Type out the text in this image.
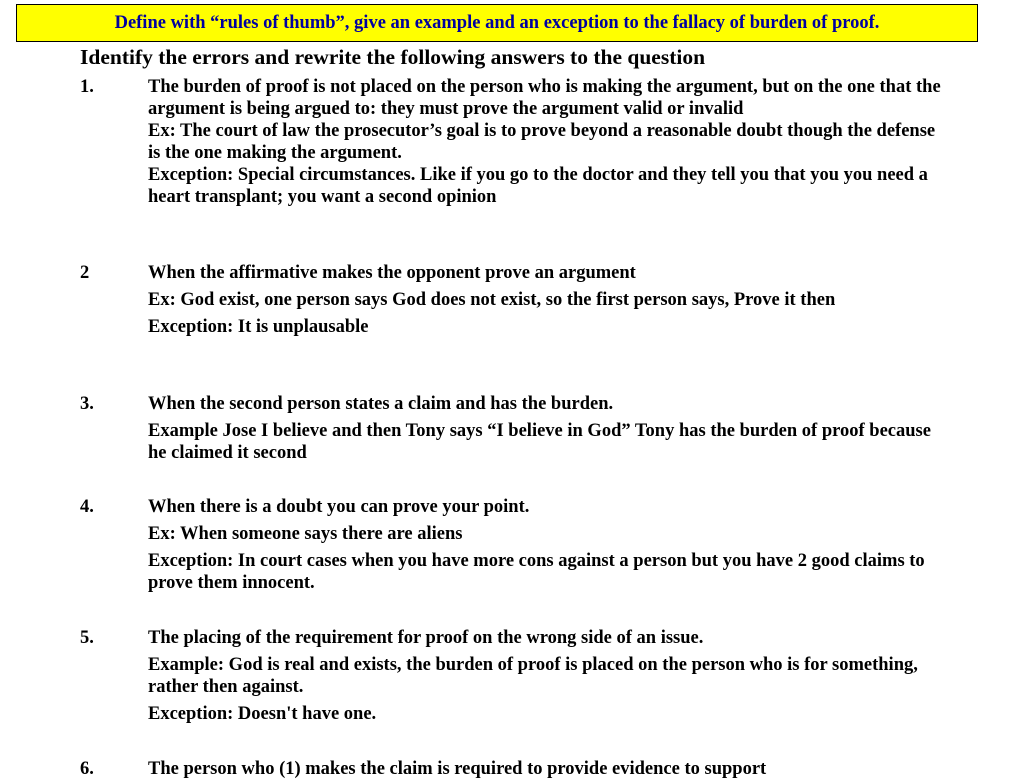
Define with “rules of thumb”, give an example and an exception to the fallacy of burden of proof.
Identify the errors and rewrite the following answers to the question
1.	The burden of proof is not placed on the person who is making the argument, but on the one that the argument is being argued to: they must prove the argument valid or invalid
Ex: The court of law the prosecutor’s goal is to prove beyond a reasonable doubt though the defense is the one making the argument.
Exception: Special circumstances. Like if you go to the doctor and they tell you that you you need a heart transplant; you want a second opinion
2	When the affirmative makes the opponent prove an argument
Ex: God exist, one person says God does not exist, so the first person says, Prove it then
Exception: It is unplausable
3.	When the second person states a claim and has the burden.
Example Jose I believe and then Tony says “I believe in God” Tony has the burden of proof because he claimed it second
4.	When there is a doubt you can prove your point.
Ex: When someone says there are aliens
Exception: In court cases when you have more cons against a person but you have 2 good claims to prove them innocent.
5.	The placing of the requirement for proof on the wrong side of an issue.
Example: God is real and exists, the burden of proof is placed on the person who is for something, rather then against.
Exception: Doesn't have one.
6.	The person who (1) makes the claim is required to provide evidence to support
